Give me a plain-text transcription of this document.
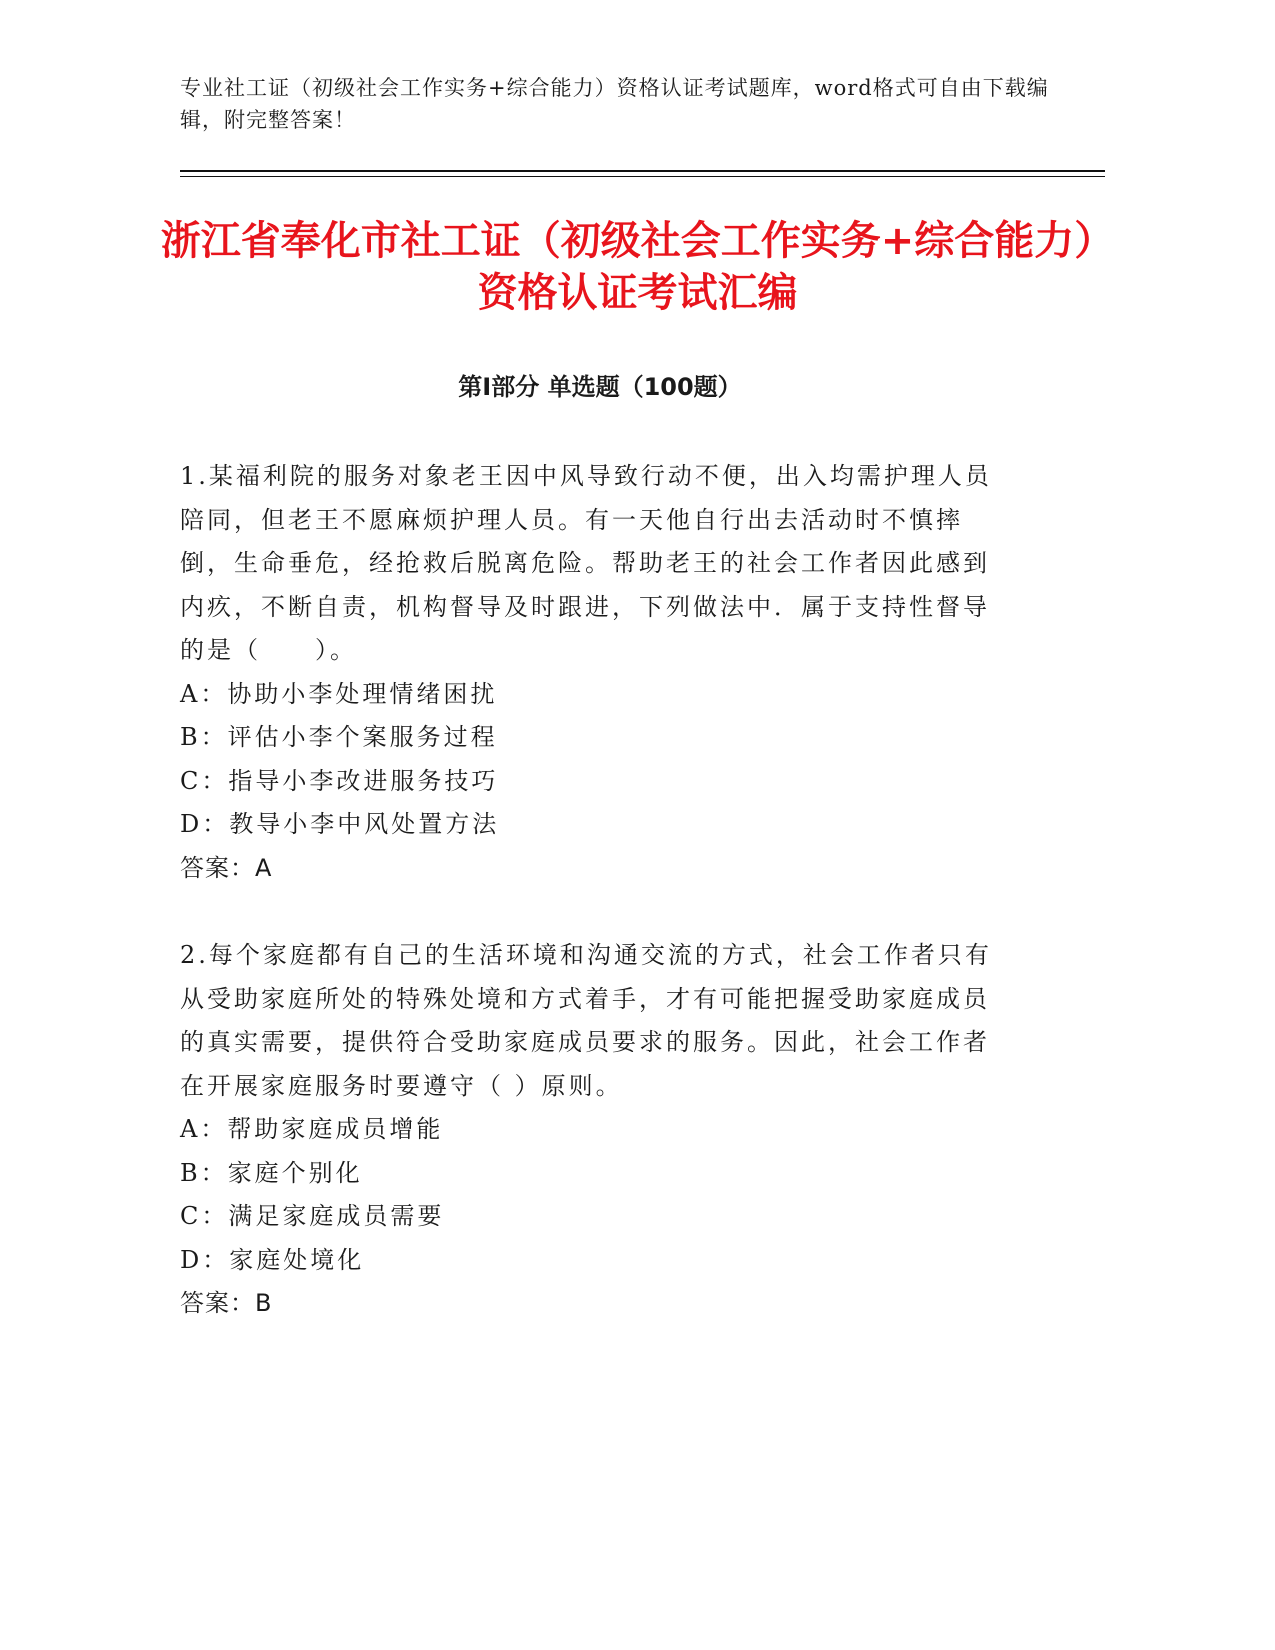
专业社工证（初级社会工作实务+综合能力）资格认证考试题库，word格式可自由下载编辑，附完整答案！
浙江省奉化市社工证（初级社会工作实务+综合能力）资格认证考试汇编
第Ⅰ部分 单选题（100题）

1.某福利院的服务对象老王因中风导致行动不便，出入均需护理人员陪同，但老王不愿麻烦护理人员。有一天他自行出去活动时不慎摔倒，生命垂危，经抢救后脱离危险。帮助老王的社会工作者因此感到内疚，不断自责，机构督导及时跟进，下列做法中．属于支持性督导的是（　　）。

A：协助小李处理情绪困扰

B：评估小李个案服务过程

C：指导小李改进服务技巧

D：教导小李中风处置方法

答案：A

2.每个家庭都有自己的生活环境和沟通交流的方式，社会工作者只有从受助家庭所处的特殊处境和方式着手，才有可能把握受助家庭成员的真实需要，提供符合受助家庭成员要求的服务。因此，社会工作者在开展家庭服务时要遵守（ ）原则。

A：帮助家庭成员增能

B：家庭个别化

C：满足家庭成员需要

D：家庭处境化

答案：B
